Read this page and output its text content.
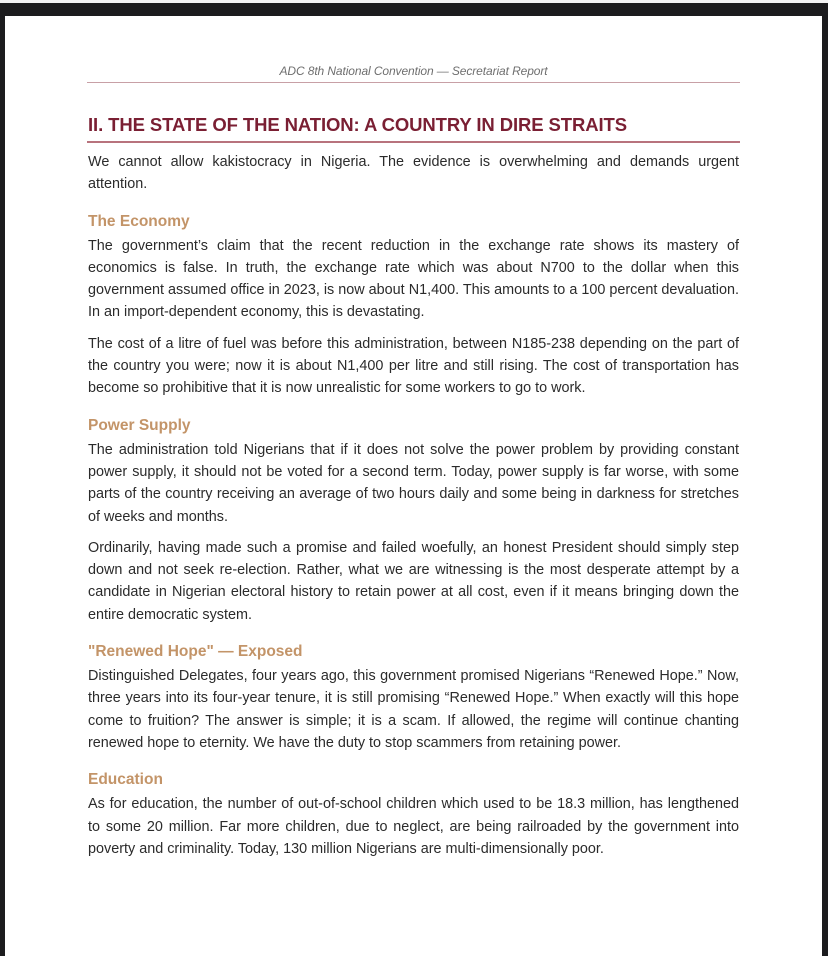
ADC 8th National Convention — Secretariat Report
II. THE STATE OF THE NATION: A COUNTRY IN DIRE STRAITS

We cannot allow kakistocracy in Nigeria. The evidence is overwhelming and demands urgent attention.

The Economy

The government’s claim that the recent reduction in the exchange rate shows its mastery of economics is false. In truth, the exchange rate which was about N700 to the dollar when this government assumed office in 2023, is now about N1,400. This amounts to a 100 percent devaluation. In an import-dependent economy, this is devastating.

The cost of a litre of fuel was before this administration, between N185-238 depending on the part of the country you were; now it is about N1,400 per litre and still rising. The cost of transportation has become so prohibitive that it is now unrealistic for some workers to go to work.

Power Supply

The administration told Nigerians that if it does not solve the power problem by providing constant power supply, it should not be voted for a second term. Today, power supply is far worse, with some parts of the country receiving an average of two hours daily and some being in darkness for stretches of weeks and months.

Ordinarily, having made such a promise and failed woefully, an honest President should simply step down and not seek re-election. Rather, what we are witnessing is the most desperate attempt by a candidate in Nigerian electoral history to retain power at all cost, even if it means bringing down the entire democratic system.

"Renewed Hope" — Exposed

Distinguished Delegates, four years ago, this government promised Nigerians “Renewed Hope.” Now, three years into its four-year tenure, it is still promising “Renewed Hope.” When exactly will this hope come to fruition? The answer is simple; it is a scam. If allowed, the regime will continue chanting renewed hope to eternity. We have the duty to stop scammers from retaining power.

Education

As for education, the number of out-of-school children which used to be 18.3 million, has lengthened to some 20 million. Far more children, due to neglect, are being railroaded by the government into poverty and criminality. Today, 130 million Nigerians are multi-dimensionally poor.
